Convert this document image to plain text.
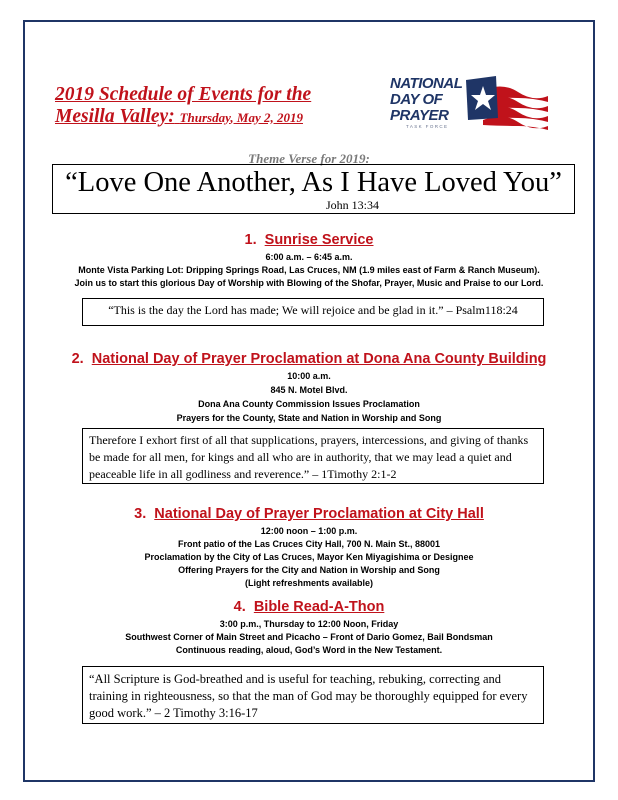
2019 Schedule of Events for the
Mesilla Valley: Thursday, May 2, 2019
NATIONAL
DAY OF
PRAYER
TASK FORCE
Theme Verse for 2019:
“Love One Another, As I Have Loved You”
John 13:34
1. Sunrise Service
6:00 a.m. – 6:45 a.m.
Monte Vista Parking Lot: Dripping Springs Road, Las Cruces, NM (1.9 miles east of Farm & Ranch Museum).
Join us to start this glorious Day of Worship with Blowing of the Shofar, Prayer, Music and Praise to our Lord.
“This is the day the Lord has made; We will rejoice and be glad in it.” – Psalm118:24
2. National Day of Prayer Proclamation at Dona Ana County Building
10:00 a.m.
845 N. Motel Blvd.
Dona Ana County Commission Issues Proclamation
Prayers for the County, State and Nation in Worship and Song
Therefore I exhort first of all that supplications, prayers, intercessions, and giving of thanks be made for all men, for kings and all who are in authority, that we may lead a quiet and peaceable life in all godliness and reverence.” – 1Timothy 2:1-2
3. National Day of Prayer Proclamation at City Hall
12:00 noon – 1:00 p.m.
Front patio of the Las Cruces City Hall, 700 N. Main St., 88001
Proclamation by the City of Las Cruces, Mayor Ken Miyagishima or Designee
Offering Prayers for the City and Nation in Worship and Song
(Light refreshments available)
4. Bible Read-A-Thon
3:00 p.m., Thursday to 12:00 Noon, Friday
Southwest Corner of Main Street and Picacho – Front of Dario Gomez, Bail Bondsman
Continuous reading, aloud, God’s Word in the New Testament.
“All Scripture is God-breathed and is useful for teaching, rebuking, correcting and training in righteousness, so that the man of God may be thoroughly equipped for every good work.” – 2 Timothy 3:16-17
